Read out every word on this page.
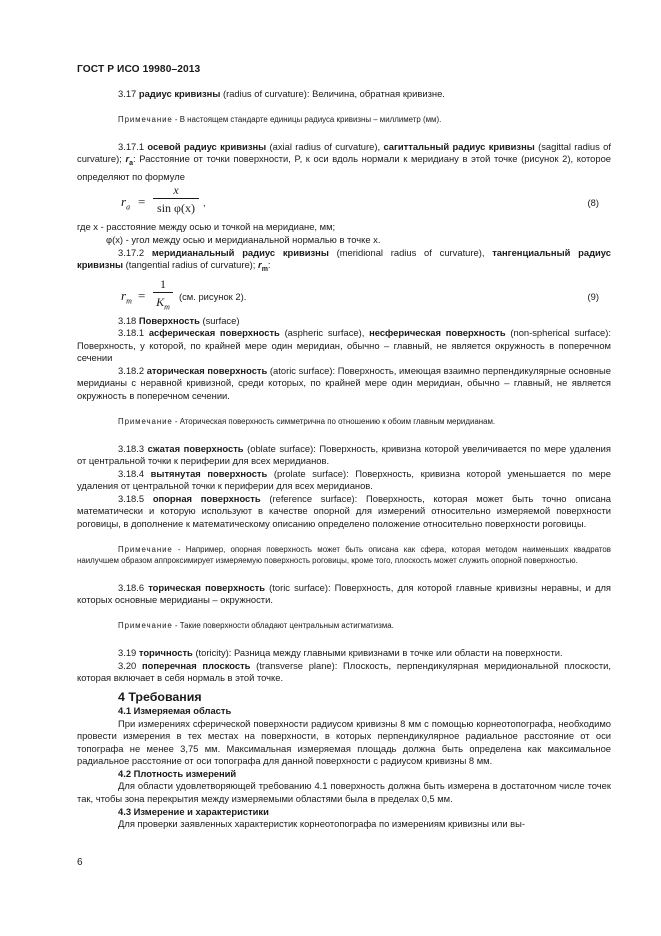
ГОСТ Р ИСО 19980–2013

3.17 радиус кривизны (radius of curvature): Величина, обратная кривизне.

Примечание - В настоящем стандарте единицы радиуса кривизны – миллиметр (мм).

3.17.1 осевой радиус кривизны (axial radius of curvature), сагиттальный радиус кривизны (sagittal radius of curvature); $r_a$: Расстояние от точки поверхности, P, к оси вдоль нормали к меридиану в этой точке (рисунок 2), которое определяют по формуле

$r_a$ =
x
sin φ(x) ,	(8)

где x - расстояние между осью и точкой на меридиане, мм;

φ(x) - угол между осью и меридианальной нормалью в точке x.

3.17.2 меридианальный радиус кривизны (meridional radius of curvature), тангенциальный радиус кривизны (tangential radius of curvature); $r_m$:

$r_m$ =
1
$K_m$
(см. рисунок 2).	(9)

3.18 Поверхность (surface)

3.18.1 асферическая поверхность (aspheric surface), несферическая поверхность (non-spherical surface): Поверхность, у которой, по крайней мере один меридиан, обычно – главный, не является окружность в поперечном сечении

3.18.2 аторическая поверхность (atoric surface): Поверхность, имеющая взаимно перпендикулярные основные меридианы с неравной кривизной, среди которых, по крайней мере один меридиан, обычно – главный, не является окружность в поперечном сечении.

Примечание - Аторическая поверхность симметрична по отношению к обоим главным меридианам.

3.18.3 сжатая поверхность (oblate surface): Поверхность, кривизна которой увеличивается по мере удаления от центральной точки к периферии для всех меридианов.

3.18.4 вытянутая поверхность (prolate surface): Поверхность, кривизна которой уменьшается по мере удаления от центральной точки к периферии для всех меридианов.

3.18.5 опорная поверхность (reference surface): Поверхность, которая может быть точно описана математически и которую используют в качестве опорной для измерений относительно измеряемой поверхности роговицы, в дополнение к математическому описанию определено положение относительно поверхности роговицы.

Примечание - Например, опорная поверхность может быть описана как сфера, которая методом наименьших квадратов наилучшем образом аппроксимирует измеряемую поверхность роговицы, кроме того, плоскость может служить опорной поверхностью.

3.18.6 торическая поверхность (toric surface): Поверхность, для которой главные кривизны неравны, и для которых основные меридианы – окружности.

Примечание - Такие поверхности обладают центральным астигматизма.

3.19 торичность (toricity): Разница между главными кривизнами в точке или области на поверхности.

3.20 поперечная плоскость (transverse plane): Плоскость, перпендикулярная меридиональной плоскости, которая включает в себя нормаль в этой точке.

4 Требования

4.1 Измеряемая область

При измерениях сферической поверхности радиусом кривизны 8 мм с помощью корнеотопографа, необходимо провести измерения в тех местах на поверхности, в которых перпендикулярное радиальное расстояние от оси топографа не менее 3,75 мм. Максимальная измеряемая площадь должна быть определена как максимальное радиальное расстояние от оси топографа для данной поверхности с радиусом кривизны 8 мм.

4.2 Плотность измерений

Для области удовлетворяющей требованию 4.1 поверхность должна быть измерена в достаточном числе точек так, чтобы зона перекрытия между измеряемыми областями была в пределах 0,5 мм.

4.3 Измерение и характеристики

Для проверки заявленных характеристик корнеотопографа по измерениям кривизны или вы-

6
